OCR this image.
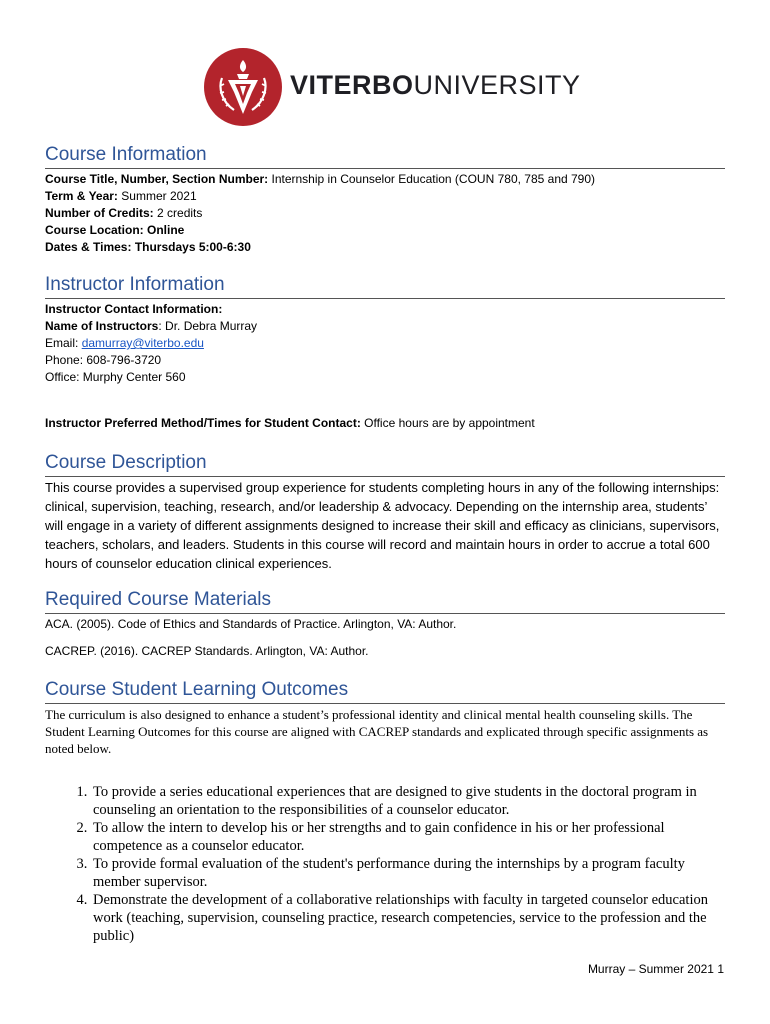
VITERBOUNIVERSITY
Course Information
Course Title, Number, Section Number: Internship in Counselor Education (COUN 780, 785 and 790)
Term & Year: Summer 2021
Number of Credits: 2 credits
Course Location: Online
Dates & Times: Thursdays 5:00-6:30
Instructor Information
Instructor Contact Information:
Name of Instructors: Dr. Debra Murray
Email: damurray@viterbo.edu
Phone: 608-796-3720
Office: Murphy Center 560
Instructor Preferred Method/Times for Student Contact: Office hours are by appointment
Course Description
This course provides a supervised group experience for students completing hours in any of the following internships: clinical, supervision, teaching, research, and/or leadership & advocacy. Depending on the internship area, students’ will engage in a variety of different assignments designed to increase their skill and efficacy as clinicians, supervisors, teachers, scholars, and leaders. Students in this course will record and maintain hours in order to accrue a total 600 hours of counselor education clinical experiences.
Required Course Materials
ACA. (2005). Code of Ethics and Standards of Practice. Arlington, VA: Author.
CACREP. (2016). CACREP Standards. Arlington, VA: Author.
Course Student Learning Outcomes
The curriculum is also designed to enhance a student’s professional identity and clinical mental health counseling skills. The Student Learning Outcomes for this course are aligned with CACREP standards and explicated through specific assignments as noted below.
1. To provide a series educational experiences that are designed to give students in the doctoral program in counseling an orientation to the responsibilities of a counselor educator.
2. To allow the intern to develop his or her strengths and to gain confidence in his or her professional competence as a counselor educator.
3. To provide formal evaluation of the student's performance during the internships by a program faculty member supervisor.
4. Demonstrate the development of a collaborative relationships with faculty in targeted counselor education work (teaching, supervision, counseling practice, research competencies, service to the profession and the public)
Murray – Summer 2021 1
